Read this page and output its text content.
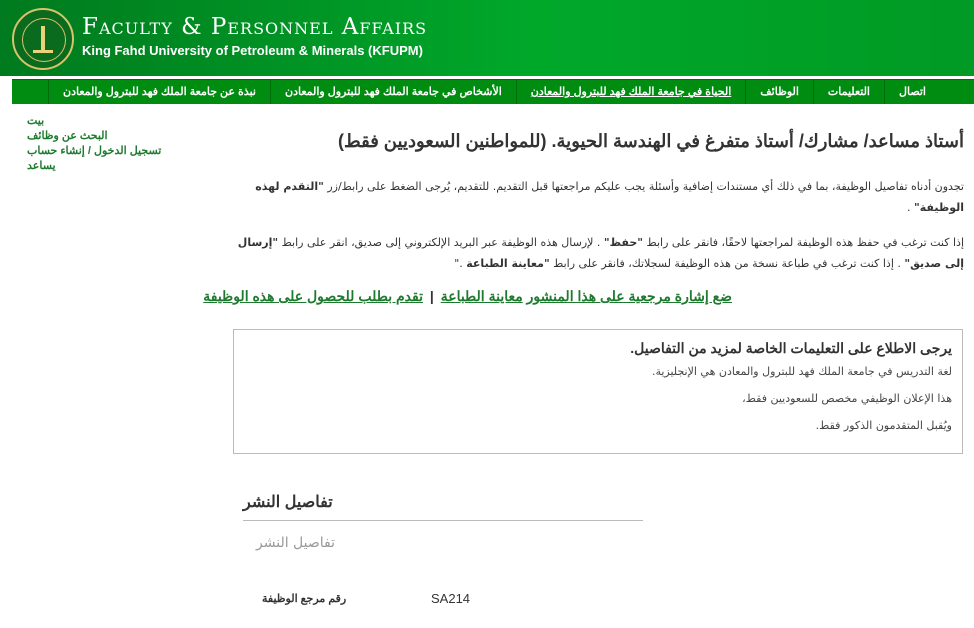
Faculty & Personnel Affairs
King Fahd University of Petroleum & Minerals (KFUPM)
اتصال
التعليمات
الوظائف
الحياة في جامعة الملك فهد للبترول والمعادن
الأشخاص في جامعة الملك فهد للبترول والمعادن
نبذة عن جامعة الملك فهد للبترول والمعادن
بيت
البحث عن وظائف
تسجيل الدخول / إنشاء حساب
يساعد
أستاذ مساعد/ مشارك/ أستاذ متفرغ في الهندسة الحيوية. (للمواطنين السعوديين فقط)

تجدون أدناه تفاصيل الوظيفة، بما في ذلك أي مستندات إضافية وأسئلة يجب عليكم مراجعتها قبل التقديم. للتقديم، يُرجى الضغط على رابط/زر "التقدم لهذه الوظيفة" .

إذا كنت ترغب في حفظ هذه الوظيفة لمراجعتها لاحقًا، فانقر على رابط "حفظ" . لإرسال هذه الوظيفة عبر البريد الإلكتروني إلى صديق، انقر على رابط "إرسال إلى صديق" . إذا كنت ترغب في طباعة نسخة من هذه الوظيفة لسجلاتك، فانقر على رابط "معاينة الطباعة ."

ضع إشارة مرجعية على هذا المنشور معاينة الطباعة | تقدم بطلب للحصول على هذه الوظيفة
يرجى الاطلاع على التعليمات الخاصة لمزيد من التفاصيل.
لغة التدريس في جامعة الملك فهد للبترول والمعادن هي الإنجليزية.
هذا الإعلان الوظيفي مخصص للسعوديين فقط،
ويُقبل المتقدمون الذكور فقط.
تفاصيل النشر
تفاصيل النشر
رقم مرجع الوظيفة	SA214
